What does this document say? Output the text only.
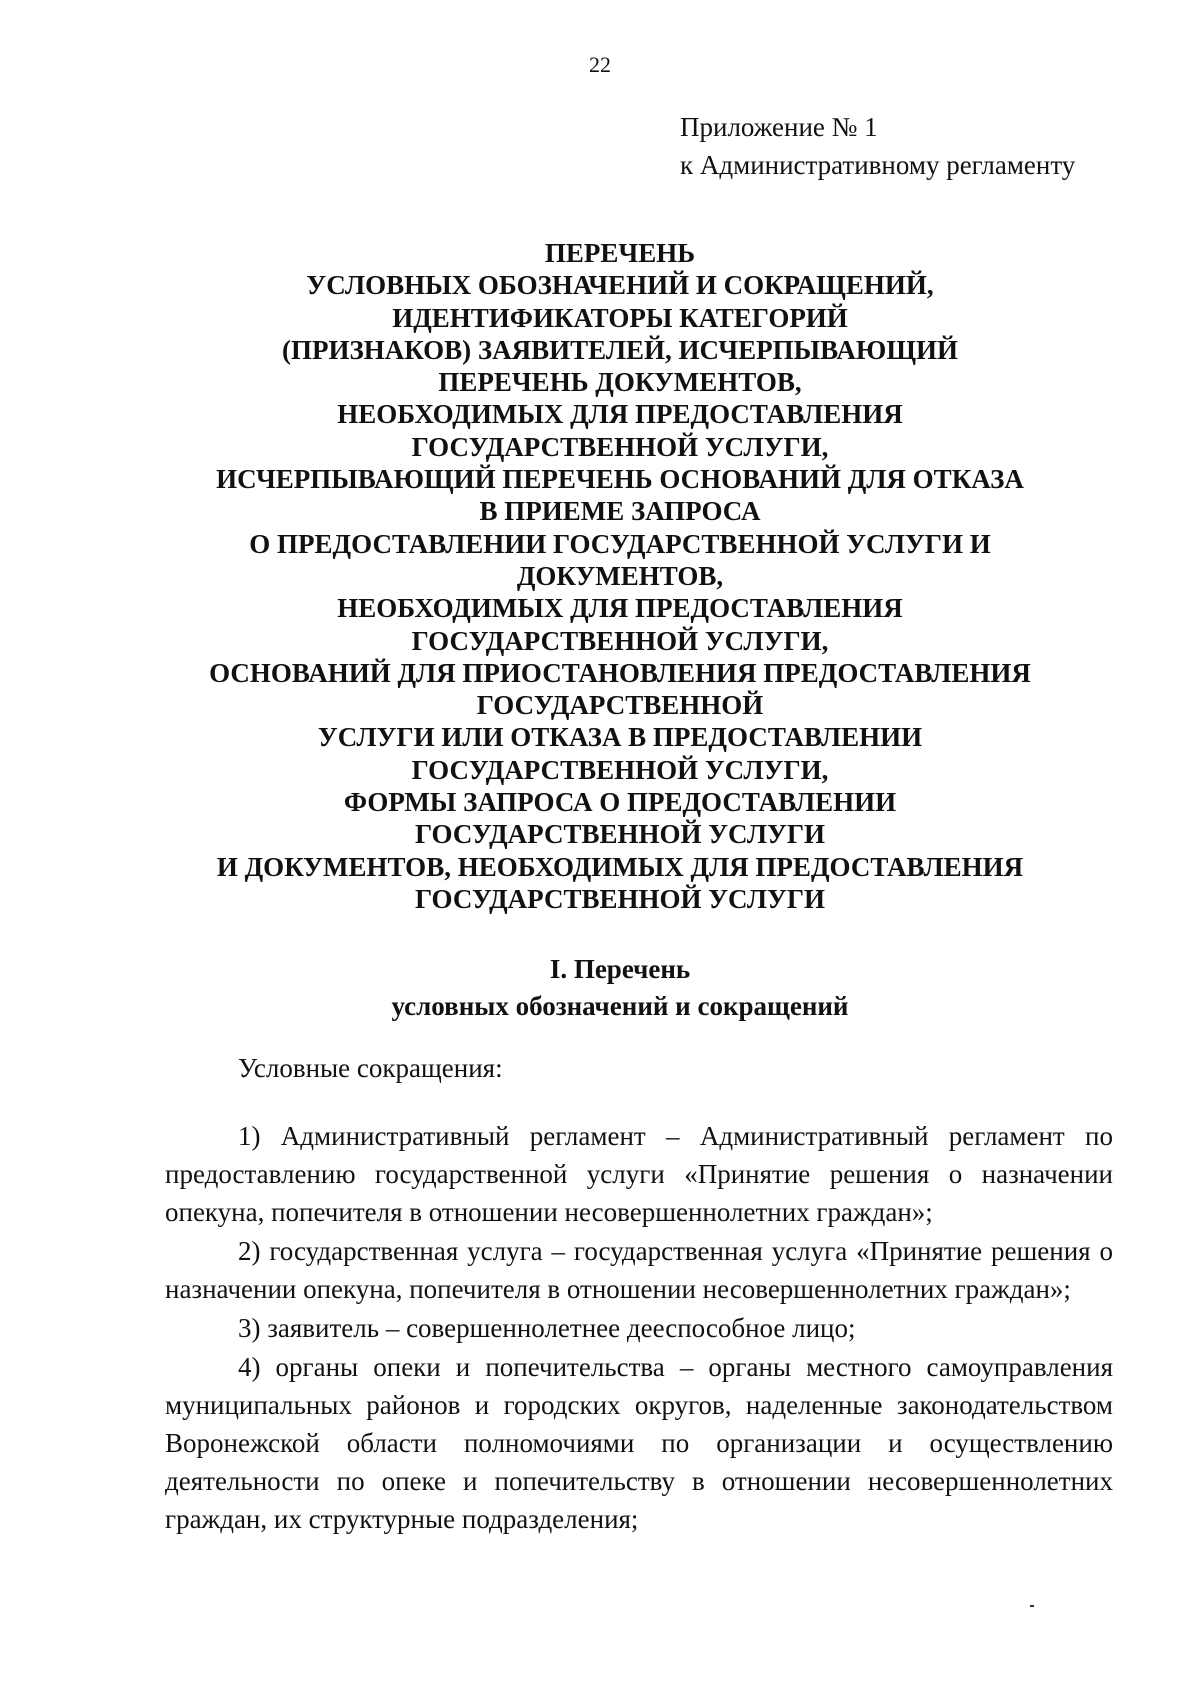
22
Приложение № 1
к Административному регламенту
ПЕРЕЧЕНЬ
УСЛОВНЫХ ОБОЗНАЧЕНИЙ И СОКРАЩЕНИЙ,
ИДЕНТИФИКАТОРЫ КАТЕГОРИЙ
(ПРИЗНАКОВ) ЗАЯВИТЕЛЕЙ, ИСЧЕРПЫВАЮЩИЙ
ПЕРЕЧЕНЬ ДОКУМЕНТОВ,
НЕОБХОДИМЫХ ДЛЯ ПРЕДОСТАВЛЕНИЯ
ГОСУДАРСТВЕННОЙ УСЛУГИ,
ИСЧЕРПЫВАЮЩИЙ ПЕРЕЧЕНЬ ОСНОВАНИЙ ДЛЯ ОТКАЗА
В ПРИЕМЕ ЗАПРОСА
О ПРЕДОСТАВЛЕНИИ ГОСУДАРСТВЕННОЙ УСЛУГИ И
ДОКУМЕНТОВ,
НЕОБХОДИМЫХ ДЛЯ ПРЕДОСТАВЛЕНИЯ
ГОСУДАРСТВЕННОЙ УСЛУГИ,
ОСНОВАНИЙ ДЛЯ ПРИОСТАНОВЛЕНИЯ ПРЕДОСТАВЛЕНИЯ
ГОСУДАРСТВЕННОЙ
УСЛУГИ ИЛИ ОТКАЗА В ПРЕДОСТАВЛЕНИИ
ГОСУДАРСТВЕННОЙ УСЛУГИ,
ФОРМЫ ЗАПРОСА О ПРЕДОСТАВЛЕНИИ
ГОСУДАРСТВЕННОЙ УСЛУГИ
И ДОКУМЕНТОВ, НЕОБХОДИМЫХ ДЛЯ ПРЕДОСТАВЛЕНИЯ
ГОСУДАРСТВЕННОЙ УСЛУГИ
I. Перечень
условных обозначений и сокращений
Условные сокращения:

1) Административный регламент – Административный регламент по предоставлению государственной услуги «Принятие решения о назначении опекуна, попечителя в отношении несовершеннолетних граждан»;

2) государственная услуга – государственная услуга «Принятие решения о назначении опекуна, попечителя в отношении несовершеннолетних граждан»;

3) заявитель – совершеннолетнее дееспособное лицо;

4) органы опеки и попечительства – органы местного самоуправления муниципальных районов и городских округов, наделенные законодательством Воронежской области полномочиями по организации и осуществлению деятельности по опеке и попечительству в отношении несовершеннолетних граждан, их структурные подразделения;
